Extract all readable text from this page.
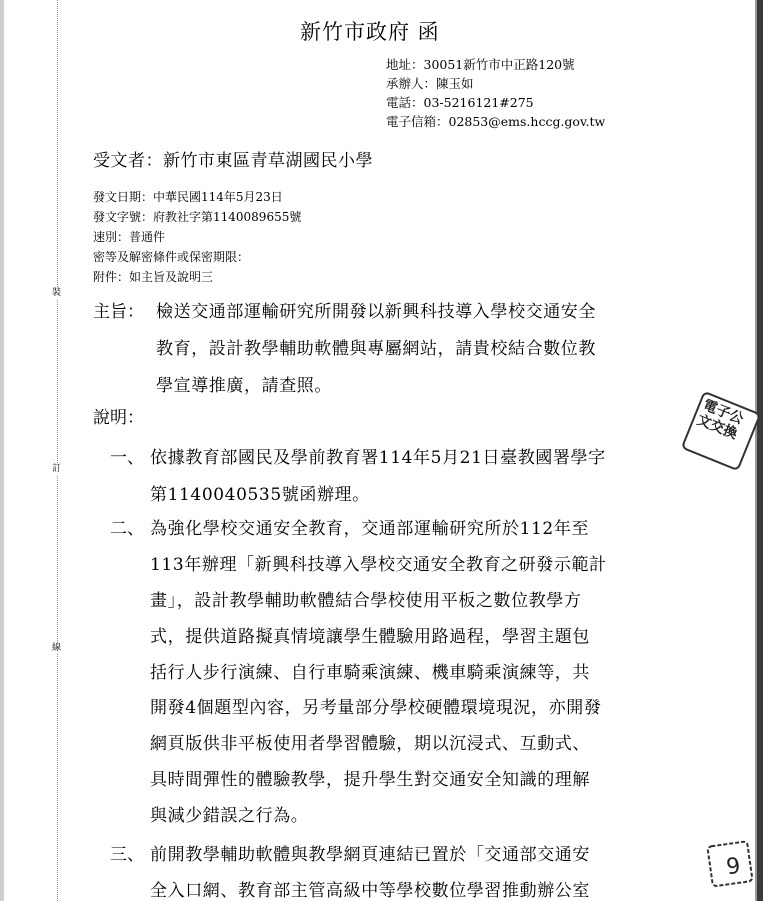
裝
訂
線
新竹市政府 函
地址：30051新竹市中正路120號
承辦人：陳玉如
電話：03-5216121#275
電子信箱：02853@ems.hccg.gov.tw
受文者：新竹市東區青草湖國民小學
發文日期：中華民國114年5月23日
發文字號：府教社字第1140089655號
速別：普通件
密等及解密條件或保密期限：
附件：如主旨及說明三
主旨： 檢送交通部運輸研究所開發以新興科技導入學校交通安全
教育，設計教學輔助軟體與專屬網站，請貴校結合數位教
學宣導推廣，請查照。
說明：
一、 依據教育部國民及學前教育署114年5月21日臺教國署學字
第1140040535號函辦理。
二、 為強化學校交通安全教育，交通部運輸研究所於112年至
113年辦理「新興科技導入學校交通安全教育之研發示範計
畫」，設計教學輔助軟體結合學校使用平板之數位教學方
式，提供道路擬真情境讓學生體驗用路過程，學習主題包
括行人步行演練、自行車騎乘演練、機車騎乘演練等，共
開發4個題型內容，另考量部分學校硬體環境現況，亦開發
網頁版供非平板使用者學習體驗，期以沉浸式、互動式、
具時間彈性的體驗教學，提升學生對交通安全知識的理解
與減少錯誤之行為。
三、 前開教學輔助軟體與教學網頁連結已置於「交通部交通安
全入口網、教育部主管高級中等學校數位學習推動辦公室
電子公文交換
9
